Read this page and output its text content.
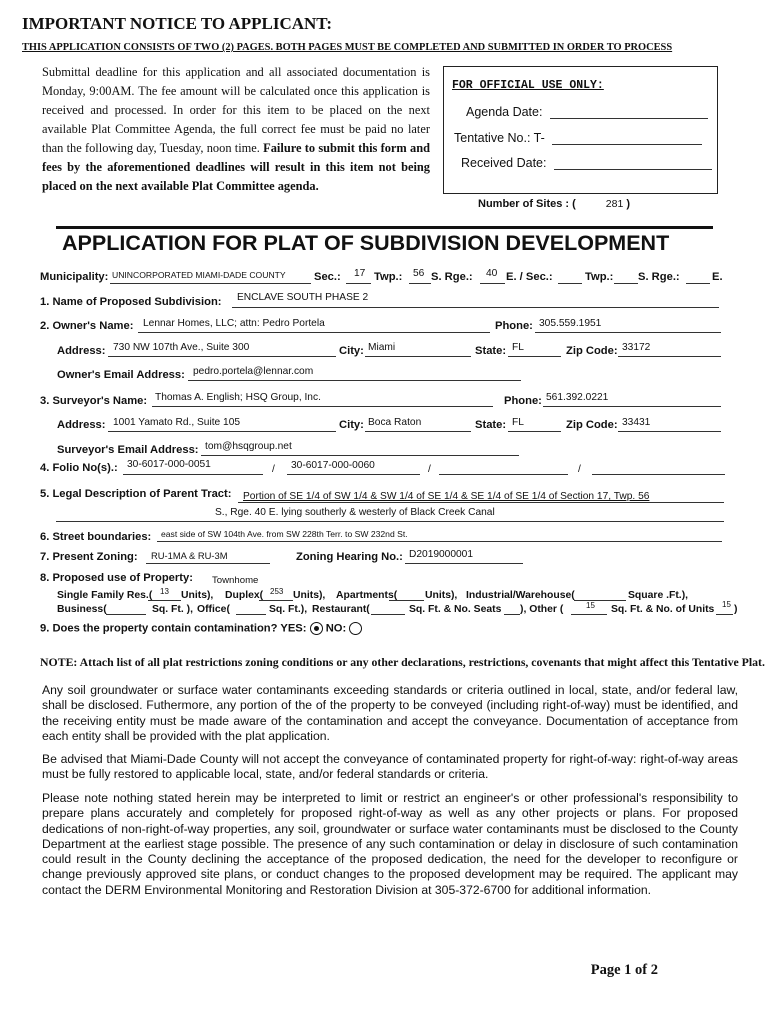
IMPORTANT NOTICE TO APPLICANT:
THIS APPLICATION CONSISTS OF TWO (2) PAGES. BOTH PAGES MUST BE COMPLETED AND SUBMITTED IN ORDER TO PROCESS
Submittal deadline for this application and all associated documentation is Monday, 9:00AM. The fee amount will be calculated once this application is received and processed. In order for this item to be placed on the next available Plat Committee Agenda, the full correct fee must be paid no later than the following day, Tuesday, noon time. Failure to submit this form and fees by the aforementioned deadlines will result in this item not being placed on the next available Plat Committee agenda.
FOR OFFICIAL USE ONLY:
Agenda Date:
Tentative No.: T-
Received Date:
Number of Sites : (	281 )
APPLICATION FOR PLAT OF SUBDIVISION DEVELOPMENT
Municipality: UNINCORPORATED MIAMI-DADE COUNTY	Sec.: 17 Twp.: 56 S. Rge.: 40 E. / Sec.:	Twp.: S. Rge.:	E.
1. Name of Proposed Subdivision: ENCLAVE SOUTH PHASE 2
2. Owner's Name: Lennar Homes, LLC; attn: Pedro Portela	Phone: 305.559.1951
Address: 730 NW 107th Ave., Suite 300	City: Miami	State: FL	Zip Code: 33172
Owner's Email Address: pedro.portela@lennar.com
3. Surveyor's Name: Thomas A. English; HSQ Group, Inc.	Phone: 561.392.0221
Address: 1001 Yamato Rd., Suite 105	City: Boca Raton	State: FL	Zip Code: 33431
Surveyor's Email Address: tom@hsqgroup.net
4. Folio No(s).: 30-6017-000-0051	/ 30-6017-000-0060	/	/
5. Legal Description of Parent Tract: Portion of SE 1/4 of SW 1/4 & SW 1/4 of SE 1/4 & SE 1/4 of SE 1/4 of Section 17, Twp. 56
S., Rge. 40 E. lying southerly & westerly of Black Creek Canal
6. Street boundaries: east side of SW 104th Ave. from SW 228th Terr. to SW 232nd St.
7. Present Zoning: RU-1MA & RU-3M	Zoning Hearing No.: D2019000001
8. Proposed use of Property: Townhome
Single Family Res.( 13 Units), Duplex( 253 Units), Apartments(	Units), Industrial/Warehouse(	Square .Ft.),
Business(	Sq. Ft. ), Office(	Sq. Ft.), Restaurant(	Sq. Ft. & No. Seats ), Other (	15 Sq. Ft. & No. of Units 15 )
9. Does the property contain contamination? YES: NO:
NOTE: Attach list of all plat restrictions zoning conditions or any other declarations, restrictions, covenants that might affect this Tentative Plat.
Any soil groundwater or surface water contaminants exceeding standards or criteria outlined in local, state, and/or federal law, shall be disclosed. Futhermore, any portion of the of the property to be conveyed (including right-of-way) must be identified, and the receiving entity must be made aware of the contamination and accept the conveyance. Documentation of acceptance from each entity shall be provided with the plat application.
Be advised that Miami-Dade County will not accept the conveyance of contaminated property for right-of-way: right-of-way areas must be fully restored to applicable local, state, and/or federal standards or criteria.
Please note nothing stated herein may be interpreted to limit or restrict an engineer's or other professional's responsibility to prepare plans accurately and completely for proposed right-of-way as well as any other projects or plans. For proposed dedications of non-right-of-way properties, any soil, groundwater or surface water contaminants must be disclosed to the County Department at the earliest stage possible. The presence of any such contamination or delay in disclosure of such contamination could result in the County declining the acceptance of the proposed dedication, the need for the developer to reconfigure or change previously approved site plans, or conduct changes to the proposed development may be required. The applicant may contact the DERM Environmental Monitoring and Restoration Division at 305-372-6700 for additional information.
Page 1 of 2
